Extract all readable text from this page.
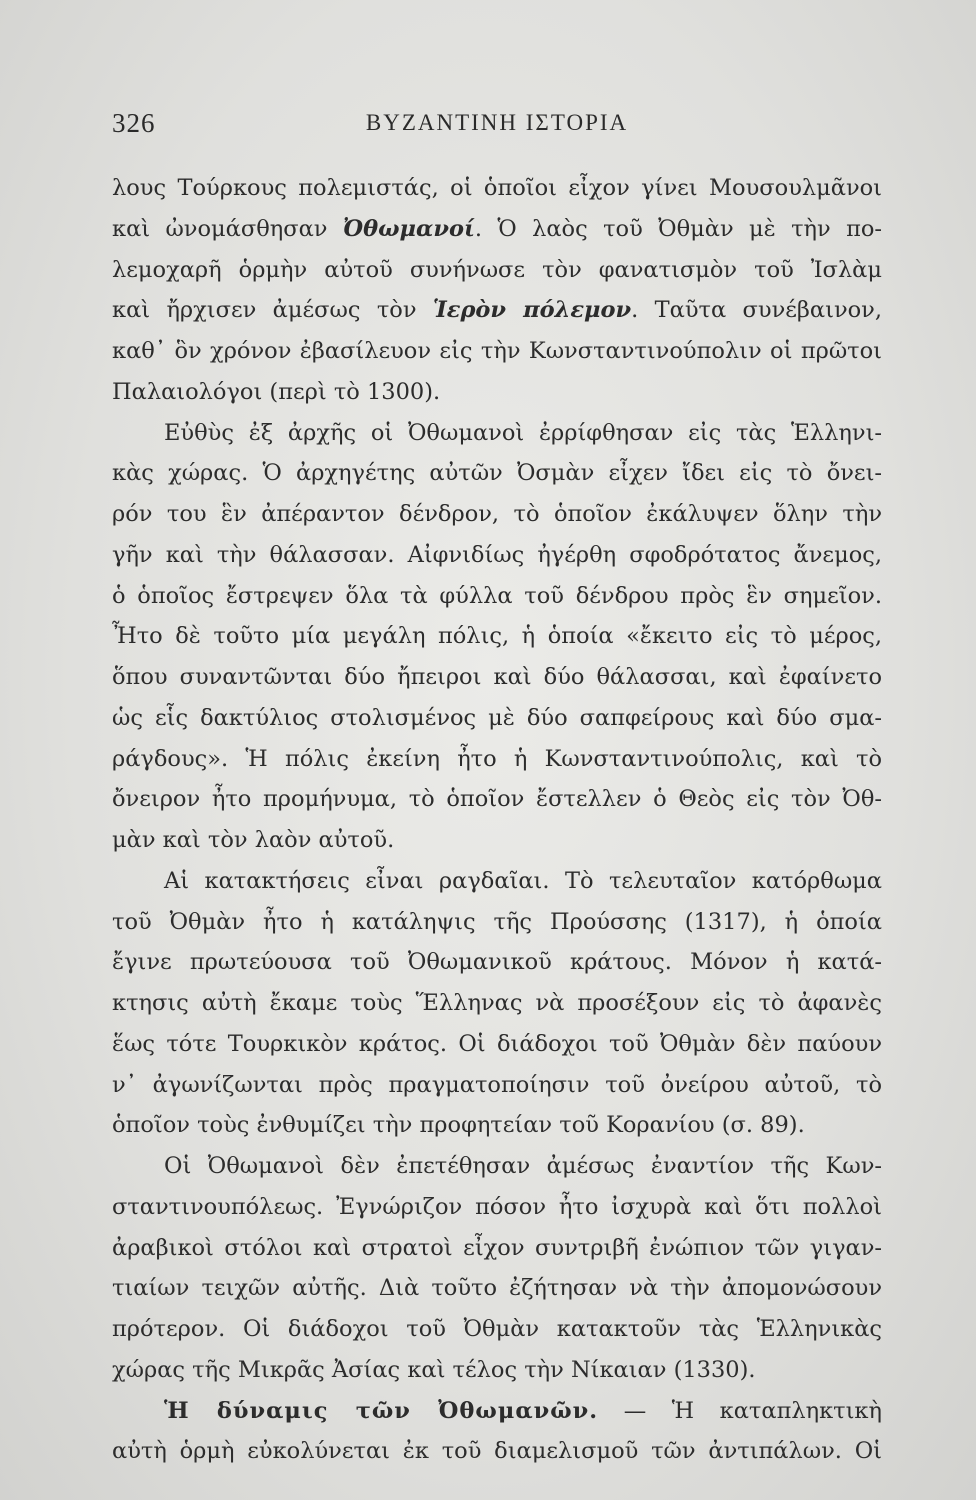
326	ΒΥΖΑΝΤΙΝΗ ΙΣΤΟΡΙΑ
λους Τούρκους πολεμιστάς, οἱ ὁποῖοι εἶχον γίνει Μουσουλμᾶνοι
καὶ ὠνομάσθησαν Ὀθωμανοί. Ὁ λαὸς τοῦ Ὀθμὰν μὲ τὴν πο-
λεμοχαρῆ ὁρμὴν αὐτοῦ συνήνωσε τὸν φανατισμὸν τοῦ Ἰσλὰμ
καὶ ἤρχισεν ἀμέσως τὸν Ἱερὸν πόλεμον. Ταῦτα συνέβαινον,
καθ᾽ ὃν χρόνον ἐβασίλευον εἰς τὴν Κωνσταντινούπολιν οἱ πρῶτοι
Παλαιολόγοι (περὶ τὸ 1300).
Εὐθὺς ἐξ ἀρχῆς οἱ Ὀθωμανοὶ ἐρρίφθησαν εἰς τὰς Ἑλληνι-
κὰς χώρας. Ὁ ἀρχηγέτης αὐτῶν Ὀσμὰν εἶχεν ἴδει εἰς τὸ ὄνει-
ρόν του ἓν ἀπέραντον δένδρον, τὸ ὁποῖον ἐκάλυψεν ὅλην τὴν
γῆν καὶ τὴν θάλασσαν. Αἰφνιδίως ἠγέρθη σφοδρότατος ἄνεμος,
ὁ ὁποῖος ἔστρεψεν ὅλα τὰ φύλλα τοῦ δένδρου πρὸς ἓν σημεῖον.
Ἦτο δὲ τοῦτο μία μεγάλη πόλις, ἡ ὁποία «ἔκειτο εἰς τὸ μέρος,
ὅπου συναντῶνται δύο ἤπειροι καὶ δύο θάλασσαι, καὶ ἐφαίνετο
ὡς εἷς δακτύλιος στολισμένος μὲ δύο σαπφείρους καὶ δύο σμα-
ράγδους». Ἡ πόλις ἐκείνη ἦτο ἡ Κωνσταντινούπολις, καὶ τὸ
ὄνειρον ἦτο προμήνυμα, τὸ ὁποῖον ἔστελλεν ὁ Θεὸς εἰς τὸν Ὀθ-
μὰν καὶ τὸν λαὸν αὐτοῦ.
Αἱ κατακτήσεις εἶναι ραγδαῖαι. Τὸ τελευταῖον κατόρθωμα
τοῦ Ὀθμὰν ἦτο ἡ κατάληψις τῆς Προύσσης (1317), ἡ ὁποία
ἔγινε πρωτεύουσα τοῦ Ὀθωμανικοῦ κράτους. Μόνον ἡ κατά-
κτησις αὐτὴ ἔκαμε τοὺς Ἕλληνας νὰ προσέξουν εἰς τὸ ἀφανὲς
ἕως τότε Τουρκικὸν κράτος. Οἱ διάδοχοι τοῦ Ὀθμὰν δὲν παύουν
ν᾽ ἀγωνίζωνται πρὸς πραγματοποίησιν τοῦ ὀνείρου αὐτοῦ, τὸ
ὁποῖον τοὺς ἐνθυμίζει τὴν προφητείαν τοῦ Κορανίου (σ. 89).
Οἱ Ὀθωμανοὶ δὲν ἐπετέθησαν ἀμέσως ἐναντίον τῆς Κων-
σταντινουπόλεως. Ἐγνώριζον πόσον ἦτο ἰσχυρὰ καὶ ὅτι πολλοὶ
ἀραβικοὶ στόλοι καὶ στρατοὶ εἶχον συντριβῆ ἐνώπιον τῶν γιγαν-
τιαίων τειχῶν αὐτῆς. Διὰ τοῦτο ἐζήτησαν νὰ τὴν ἀπομονώσουν
πρότερον. Οἱ διάδοχοι τοῦ Ὀθμὰν κατακτοῦν τὰς Ἑλληνικὰς
χώρας τῆς Μικρᾶς Ἀσίας καὶ τέλος τὴν Νίκαιαν (1330).
Ἡ δύναμις τῶν Ὀθωμανῶν. — Ἡ καταπληκτικὴ
αὐτὴ ὁρμὴ εὐκολύνεται ἐκ τοῦ διαμελισμοῦ τῶν ἀντιπάλων. Οἱ
